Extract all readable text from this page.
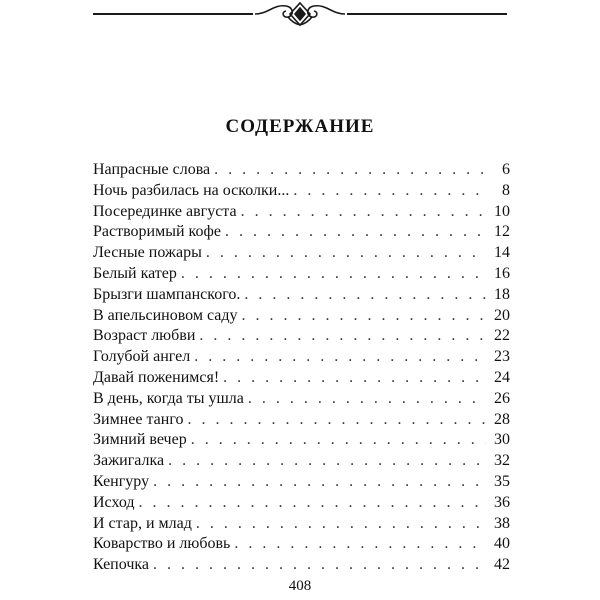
СОДЕРЖАНИЕ
Напрасные слова . . .	6
Ночь разбилась на осколки... . . .	8
Посерединке августа . . .	10
Растворимый кофе . . .	12
Лесные пожары . . .	14
Белый катер . . .	16
Брызги шампанского. . . .	18
В апельсиновом саду . . .	20
Возраст любви . . .	22
Голубой ангел . . .	23
Давай поженимся! . . .	24
В день, когда ты ушла . . .	26
Зимнее танго . . .	28
Зимний вечер . . .	30
Зажигалка . . .	32
Кенгуру . . .	35
Исход . . .	36
И стар, и млад . . .	38
Коварство и любовь . . .	40
Кепочка . . .	42
408
